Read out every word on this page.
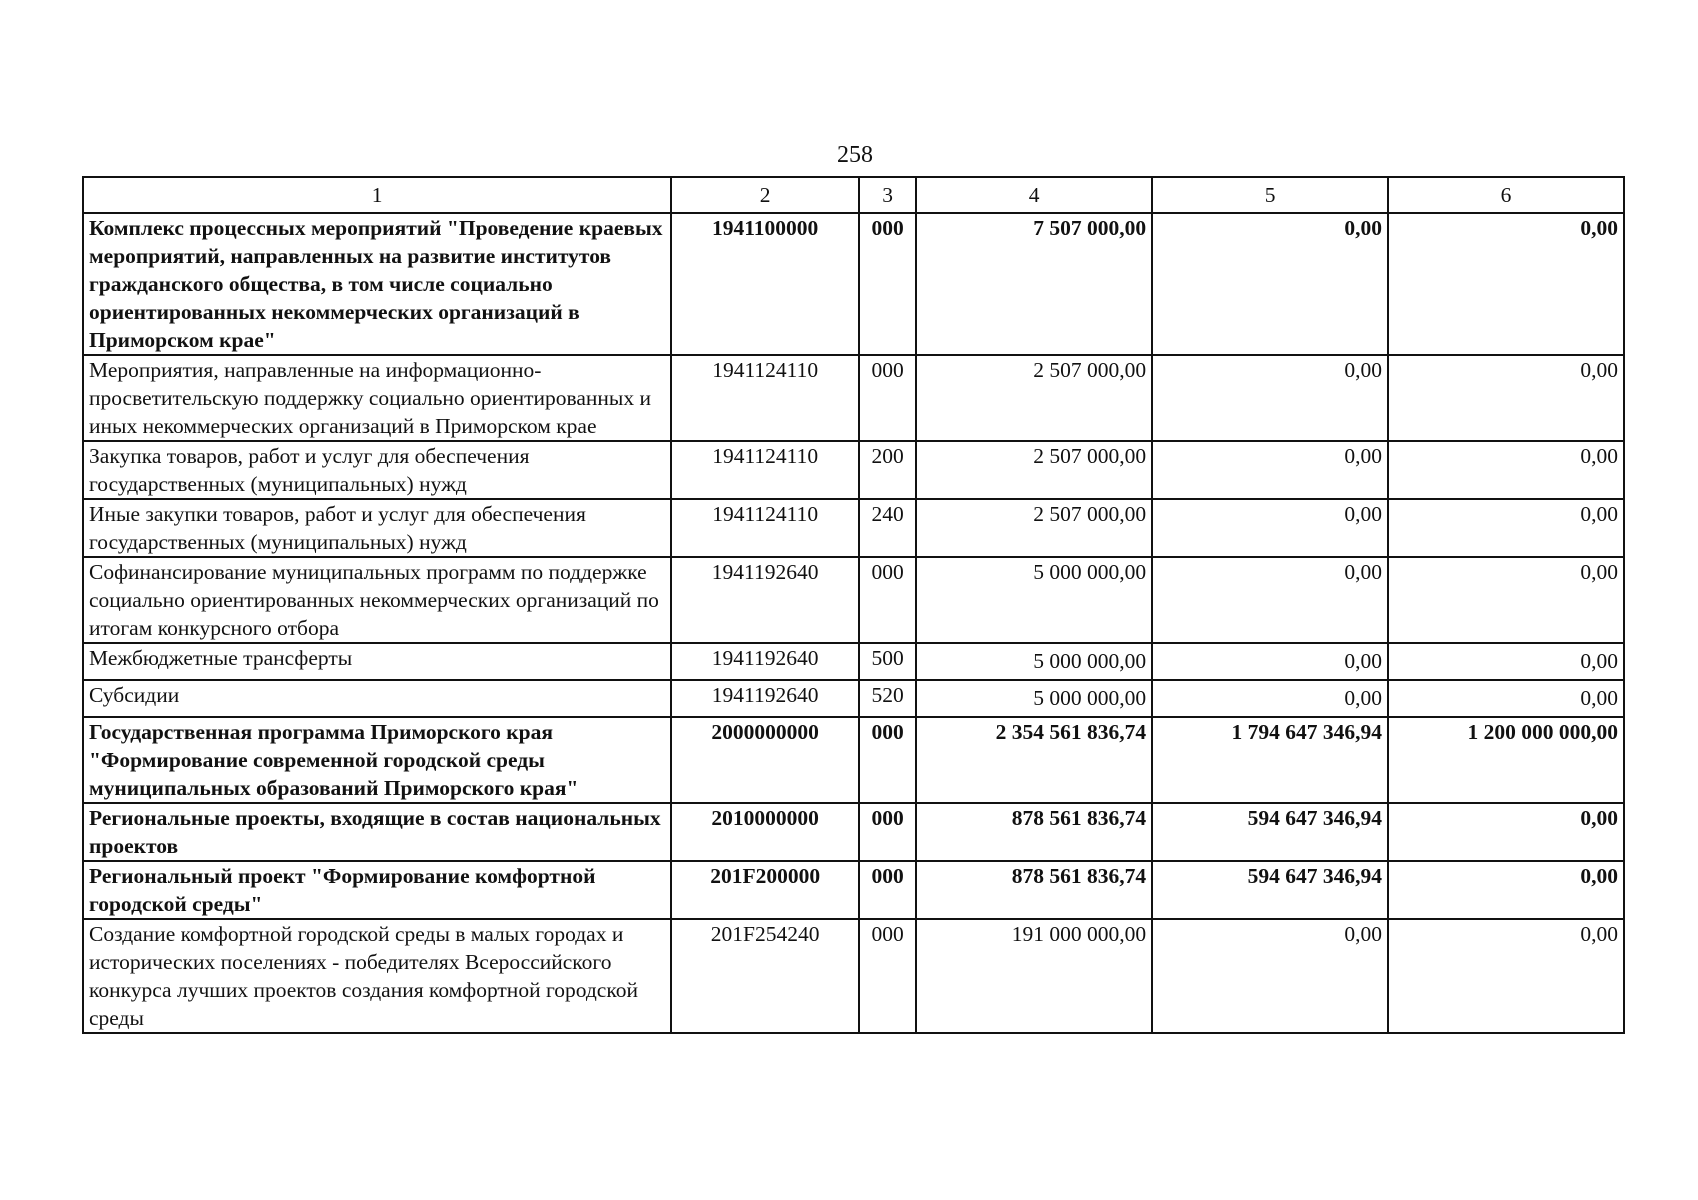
258
1	2	3	4	5	6
Комплекс процессных мероприятий "Проведение краевых мероприятий, направленных на развитие институтов гражданского общества, в том числе социально ориентированных некоммерческих организаций в Приморском крае"	1941100000	000	7 507 000,00	0,00	0,00
Мероприятия, направленные на информационно-просветительскую поддержку социально ориентированных и иных некоммерческих организаций в Приморском крае	1941124110	000	2 507 000,00	0,00	0,00
Закупка товаров, работ и услуг для обеспечения государственных (муниципальных) нужд	1941124110	200	2 507 000,00	0,00	0,00
Иные закупки товаров, работ и услуг для обеспечения государственных (муниципальных) нужд	1941124110	240	2 507 000,00	0,00	0,00
Софинансирование муниципальных программ по поддержке социально ориентированных некоммерческих организаций по итогам конкурсного отбора	1941192640	000	5 000 000,00	0,00	0,00
Межбюджетные трансферты	1941192640	500	5 000 000,00	0,00	0,00
Субсидии	1941192640	520	5 000 000,00	0,00	0,00
Государственная программа Приморского края "Формирование современной городской среды муниципальных образований Приморского края"	2000000000	000	2 354 561 836,74	1 794 647 346,94	1 200 000 000,00
Региональные проекты, входящие в состав национальных проектов	2010000000	000	878 561 836,74	594 647 346,94	0,00
Региональный проект "Формирование комфортной городской среды"	201F200000	000	878 561 836,74	594 647 346,94	0,00
Создание комфортной городской среды в малых городах и исторических поселениях - победителях Всероссийского конкурса лучших проектов создания комфортной городской среды	201F254240	000	191 000 000,00	0,00	0,00
